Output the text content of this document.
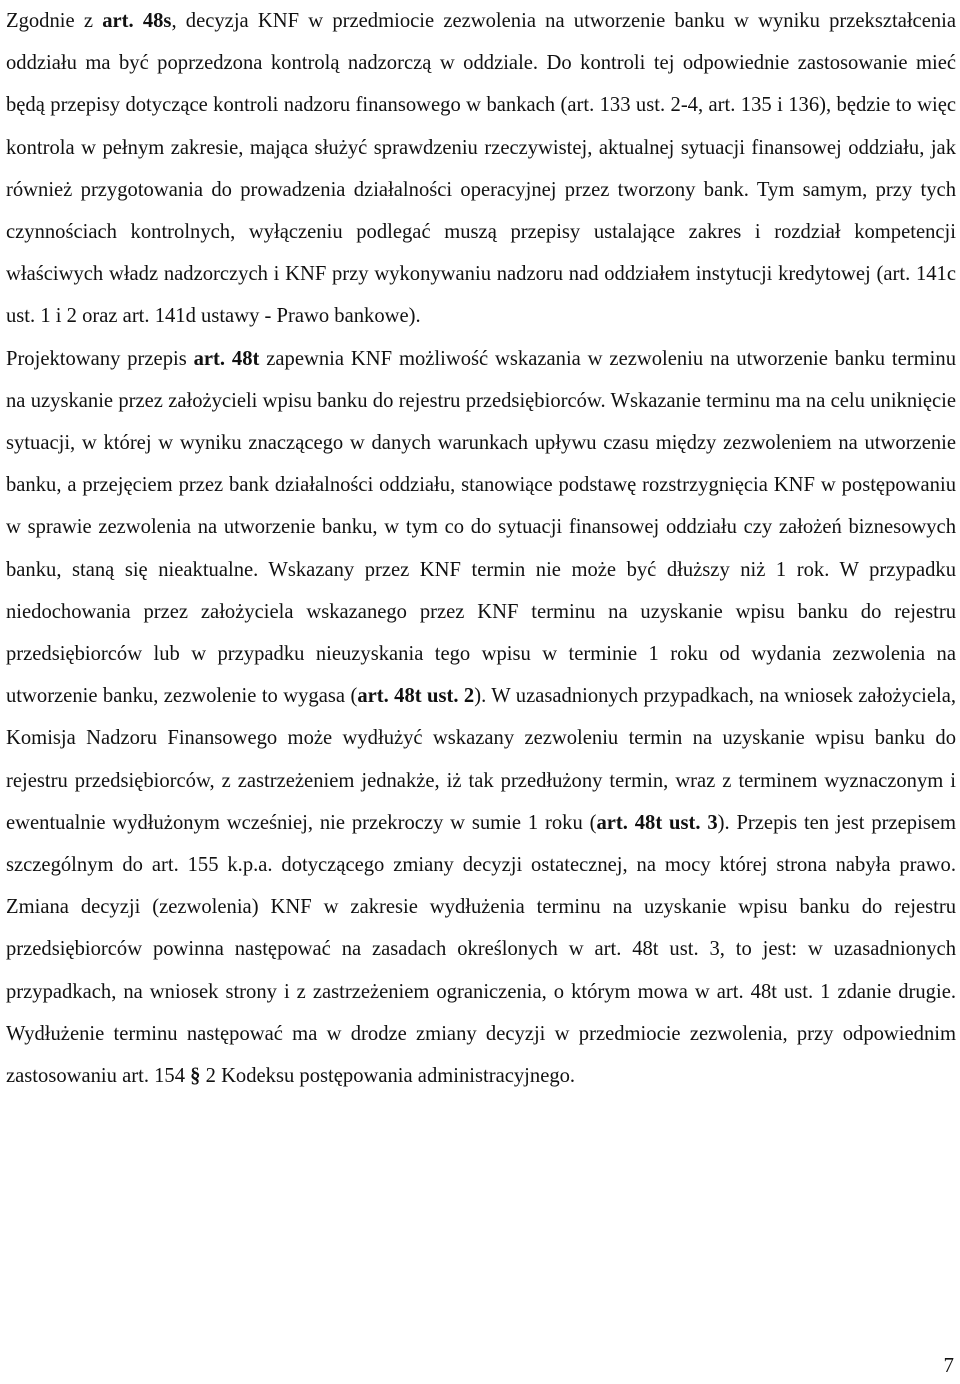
Zgodnie z art. 48s, decyzja KNF w przedmiocie zezwolenia na utworzenie banku w wyniku przekształcenia oddziału ma być poprzedzona kontrolą nadzorczą w oddziale. Do kontroli tej odpowiednie zastosowanie mieć będą przepisy dotyczące kontroli nadzoru finansowego w bankach (art. 133 ust. 2-4, art. 135 i 136), będzie to więc kontrola w pełnym zakresie, mająca służyć sprawdzeniu rzeczywistej, aktualnej sytuacji finansowej oddziału, jak również przygotowania do prowadzenia działalności operacyjnej przez tworzony bank. Tym samym, przy tych czynnościach kontrolnych, wyłączeniu podlegać muszą przepisy ustalające zakres i rozdział kompetencji właściwych władz nadzorczych i KNF przy wykonywaniu nadzoru nad oddziałem instytucji kredytowej (art. 141c ust. 1 i 2 oraz art. 141d ustawy - Prawo bankowe).

Projektowany przepis art. 48t zapewnia KNF możliwość wskazania w zezwoleniu na utworzenie banku terminu na uzyskanie przez założycieli wpisu banku do rejestru przedsiębiorców. Wskazanie terminu ma na celu uniknięcie sytuacji, w której w wyniku znaczącego w danych warunkach upływu czasu między zezwoleniem na utworzenie banku, a przejęciem przez bank działalności oddziału, stanowiące podstawę rozstrzygnięcia KNF w postępowaniu w sprawie zezwolenia na utworzenie banku, w tym co do sytuacji finansowej oddziału czy założeń biznesowych banku, staną się nieaktualne. Wskazany przez KNF termin nie może być dłuższy niż 1 rok. W przypadku niedochowania przez założyciela wskazanego przez KNF terminu na uzyskanie wpisu banku do rejestru przedsiębiorców lub w przypadku nieuzyskania tego wpisu w terminie 1 roku od wydania zezwolenia na utworzenie banku, zezwolenie to wygasa (art. 48t ust. 2). W uzasadnionych przypadkach, na wniosek założyciela, Komisja Nadzoru Finansowego może wydłużyć wskazany zezwoleniu termin na uzyskanie wpisu banku do rejestru przedsiębiorców, z zastrzeżeniem jednakże, iż tak przedłużony termin, wraz z terminem wyznaczonym i ewentualnie wydłużonym wcześniej, nie przekroczy w sumie 1 roku (art. 48t ust. 3). Przepis ten jest przepisem szczególnym do art. 155 k.p.a. dotyczącego zmiany decyzji ostatecznej, na mocy której strona nabyła prawo. Zmiana decyzji (zezwolenia) KNF w zakresie wydłużenia terminu na uzyskanie wpisu banku do rejestru przedsiębiorców powinna następować na zasadach określonych w art. 48t ust. 3, to jest: w uzasadnionych przypadkach, na wniosek strony i z zastrzeżeniem ograniczenia, o którym mowa w art. 48t ust. 1 zdanie drugie. Wydłużenie terminu następować ma w drodze zmiany decyzji w przedmiocie zezwolenia, przy odpowiednim zastosowaniu art. 154 § 2 Kodeksu postępowania administracyjnego.

7
